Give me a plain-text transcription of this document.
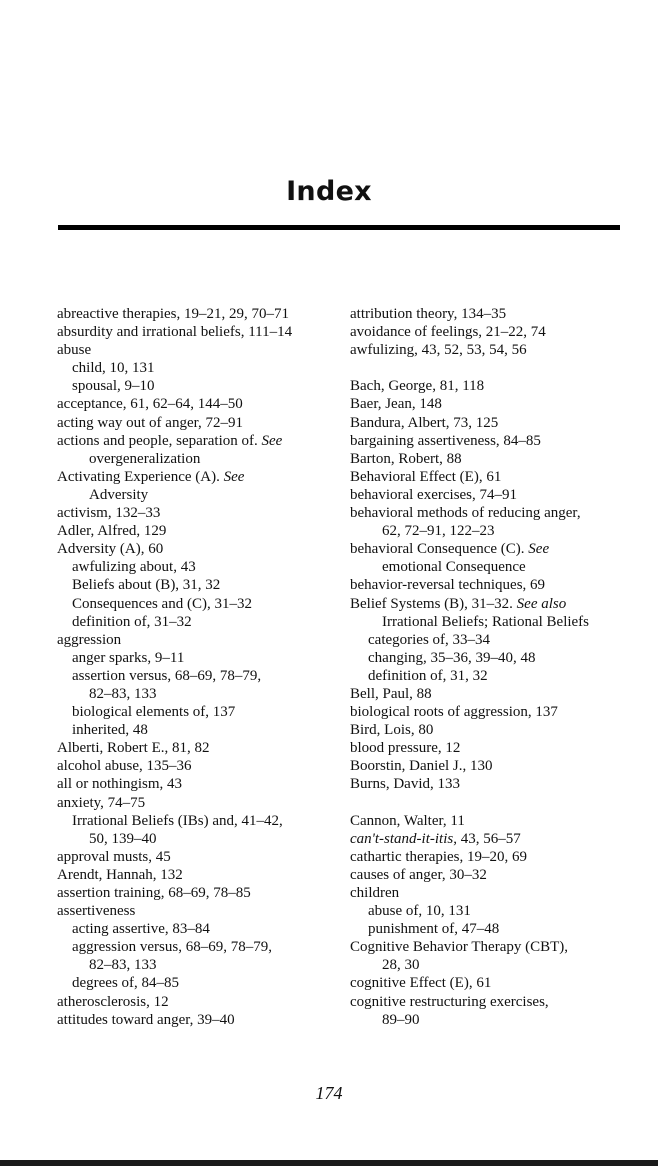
Index
abreactive therapies, 19–21, 29, 70–71
absurdity and irrational beliefs, 111–14
abuse
child, 10, 131
spousal, 9–10
acceptance, 61, 62–64, 144–50
acting way out of anger, 72–91
actions and people, separation of. See
overgeneralization
Activating Experience (A). See
Adversity
activism, 132–33
Adler, Alfred, 129
Adversity (A), 60
awfulizing about, 43
Beliefs about (B), 31, 32
Consequences and (C), 31–32
definition of, 31–32
aggression
anger sparks, 9–11
assertion versus, 68–69, 78–79,
82–83, 133
biological elements of, 137
inherited, 48
Alberti, Robert E., 81, 82
alcohol abuse, 135–36
all or nothingism, 43
anxiety, 74–75
Irrational Beliefs (IBs) and, 41–42,
50, 139–40
approval musts, 45
Arendt, Hannah, 132
assertion training, 68–69, 78–85
assertiveness
acting assertive, 83–84
aggression versus, 68–69, 78–79,
82–83, 133
degrees of, 84–85
atherosclerosis, 12
attitudes toward anger, 39–40
attribution theory, 134–35
avoidance of feelings, 21–22, 74
awfulizing, 43, 52, 53, 54, 56
Bach, George, 81, 118
Baer, Jean, 148
Bandura, Albert, 73, 125
bargaining assertiveness, 84–85
Barton, Robert, 88
Behavioral Effect (E), 61
behavioral exercises, 74–91
behavioral methods of reducing anger,
62, 72–91, 122–23
behavioral Consequence (C). See
emotional Consequence
behavior-reversal techniques, 69
Belief Systems (B), 31–32. See also
Irrational Beliefs; Rational Beliefs
categories of, 33–34
changing, 35–36, 39–40, 48
definition of, 31, 32
Bell, Paul, 88
biological roots of aggression, 137
Bird, Lois, 80
blood pressure, 12
Boorstin, Daniel J., 130
Burns, David, 133
Cannon, Walter, 11
can't-stand-it-itis, 43, 56–57
cathartic therapies, 19–20, 69
causes of anger, 30–32
children
abuse of, 10, 131
punishment of, 47–48
Cognitive Behavior Therapy (CBT),
28, 30
cognitive Effect (E), 61
cognitive restructuring exercises,
89–90
174
